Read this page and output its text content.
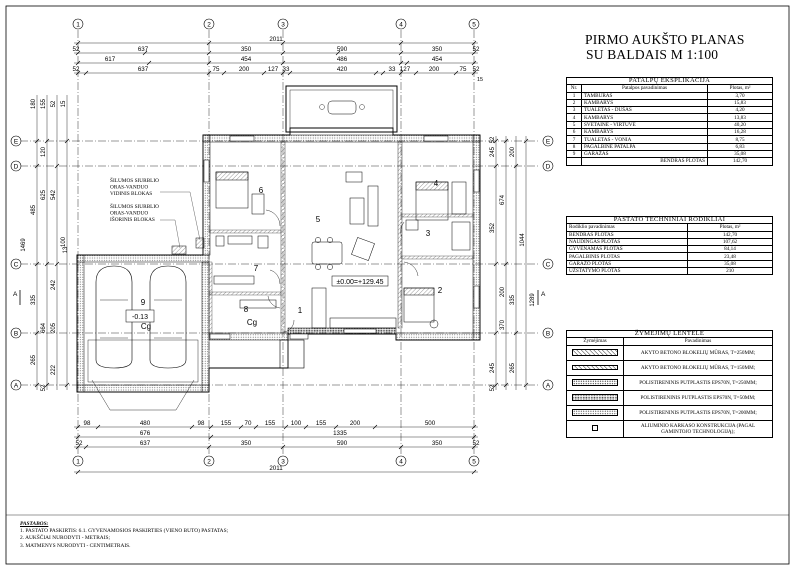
1	2	3	4	5
1	2	3	4	5
E
D
C
B
A
E
D
C
B
A
2011
52	637	350	590	350	52
617	454	486	454
52	637	75	200	127 33	420	33 127	200	75 52
15
98	480	98	155 70 155	100 155	200	500
676	1335
52	637	350	590	350	52
2011
180 155 52 15
120
625 542
485
1469	100
13
242
335
664 205
265
222
52
52
245 200
674
1044
352
335 1289
200
370
245 265
52
ŠILUMOS SIURBLIO ORAS-VANDUO VIDINIS BLOKAS
ŠILUMOS SIURBLIO ORAS-VANDUO IŠORINIS BLOKAS
A	A
1
2
3
4
5
6
7
8
9
±0.00=+129.45
-0.13
Cg	Cg
PIRMO AUKŠTO PLANAS
SU BALDAIS M 1:100
PATALPŲ EKSPLIKACIJA		
Nr.	Patalpos pavadinimas	Plotas, m²
1	TAMBŪRAS	3,70
2	KAMBARYS	15,83
3	TUALETAS - DUŠAS	4,20
4	KAMBARYS	13,83
5	SVETAINĖ - VIRTUVĖ	40,20
6	KAMBARYS	16,28
7	TUALETAS - VONIA	8,75
8	PAGALBINĖ PATALPA	6,83
9	GARAŽAS	35,08
	BENDRAS PLOTAS	142,70
PASTATO TECHNINIAI RODIKLIAI	
Rodiklio pavadinimas	Plotas, m²
BENDRAS PLOTAS	142,70
NAUDINGAS PLOTAS	107,62
GYVENAMAS PLOTAS	84,14
PAGALBINIS PLOTAS	23,48
GARAŽO PLOTAS	35,08
UŽSTATYMO PLOTAS	210
ŽYMĖJIMŲ LENTELĖ	
Žymėjimas	Pavadinimas
	AKYTO BETONO BLOKELIŲ MŪRAS, T=250MM;
	AKYTO BETONO BLOKELIŲ MŪRAS, T=150MM;
	POLISTIRENINIS PUTPLASTIS EPS70N, T=250MM;
	POLISTIRENINIS PUTPLASTIS EPS70N, T=50MM;
	POLISTIRENINIS PUTPLASTIS EPS70N, T=200MM;
	ALIUMINIO KARKASO KONSTRUKCIJA (PAGAL GAMINTOJO TECHNOLOGIJĄ);
PASTABOS:
1. PASTATO PASKIRTIS: 6.1. GYVENAMOSIOS PASKIRTIES (VIENO BUTO) PASTATAS;
2. AUKŠČIAI NURODYTI - METRAIS;
3. MATMENYS NURODYTI - CENTIMETRAIS.
